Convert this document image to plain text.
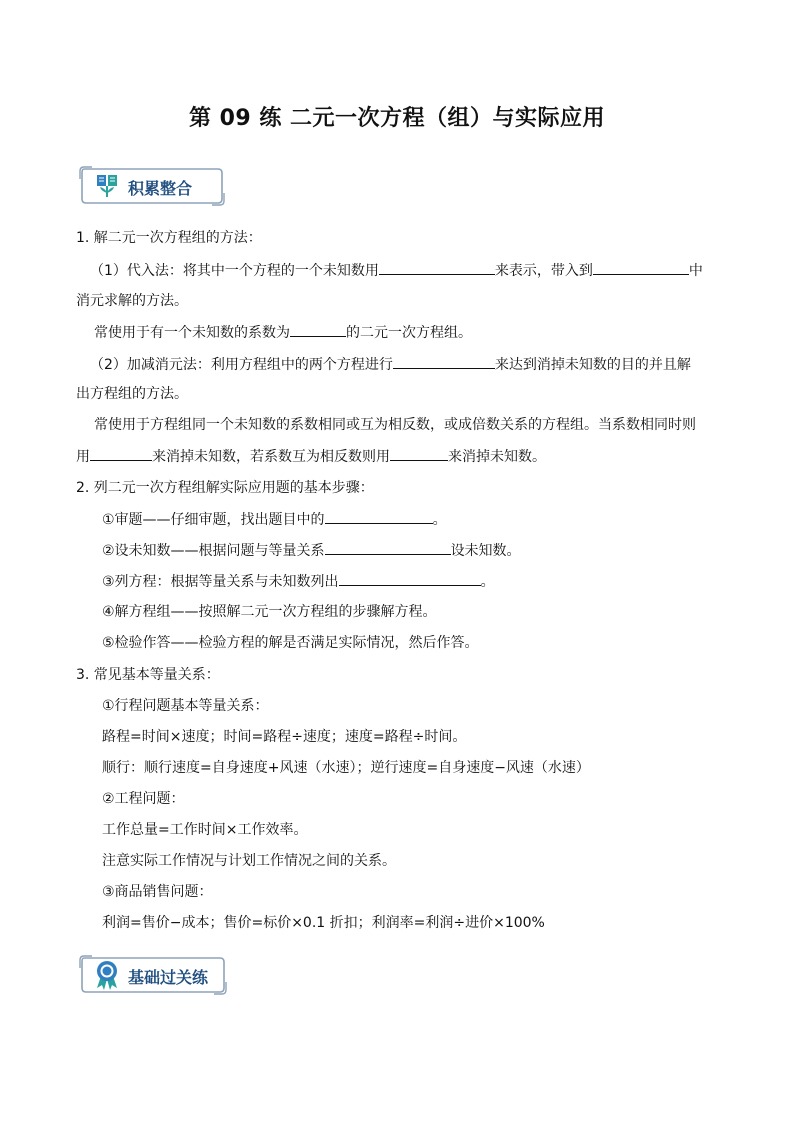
第 09 练 二元一次方程（组）与实际应用
积累整合
1. 解二元一次方程组的方法：
（1）代入法：将其中一个方程的一个未知数用	来表示，带入到	中
消元求解的方法。
常使用于有一个未知数的系数为	的二元一次方程组。
（2）加减消元法：利用方程组中的两个方程进行	来达到消掉未知数的目的并且解
出方程组的方法。
常使用于方程组同一个未知数的系数相同或互为相反数，或成倍数关系的方程组。当系数相同时则
用	来消掉未知数，若系数互为相反数则用	来消掉未知数。
2. 列二元一次方程组解实际应用题的基本步骤：
①审题——仔细审题，找出题目中的	。
②设未知数——根据问题与等量关系	设未知数。
③列方程：根据等量关系与未知数列出	。
④解方程组——按照解二元一次方程组的步骤解方程。
⑤检验作答——检验方程的解是否满足实际情况，然后作答。
3. 常见基本等量关系：
①行程问题基本等量关系：
路程=时间×速度；时间=路程÷速度；速度=路程÷时间。
顺行：顺行速度=自身速度+风速（水速）；逆行速度=自身速度−风速（水速）
②工程问题：
工作总量=工作时间×工作效率。
注意实际工作情况与计划工作情况之间的关系。
③商品销售问题：
利润=售价−成本；售价=标价×0.1 折扣；利润率=利润÷进价×100%
基础过关练
